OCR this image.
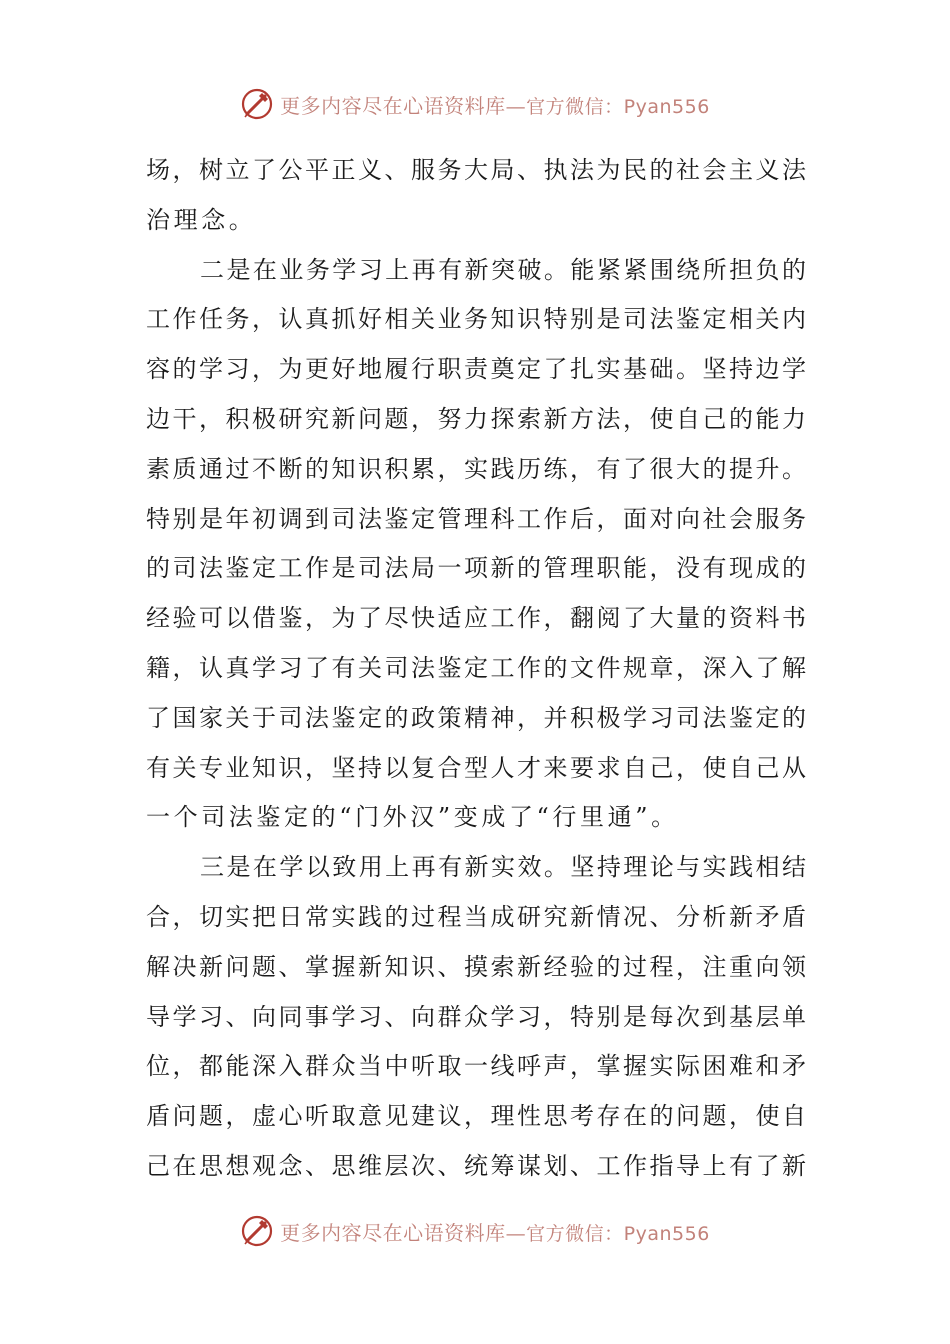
更多内容尽在心语资料库—官方微信：Pyan556
场，树立了公平正义、服务大局、执法为民的社会主义法
治理念。
二是在业务学习上再有新突破。能紧紧围绕所担负的
工作任务，认真抓好相关业务知识特别是司法鉴定相关内
容的学习，为更好地履行职责奠定了扎实基础。坚持边学
边干，积极研究新问题，努力探索新方法，使自己的能力
素质通过不断的知识积累，实践历练，有了很大的提升。
特别是年初调到司法鉴定管理科工作后，面对向社会服务
的司法鉴定工作是司法局一项新的管理职能，没有现成的
经验可以借鉴，为了尽快适应工作，翻阅了大量的资料书
籍，认真学习了有关司法鉴定工作的文件规章，深入了解
了国家关于司法鉴定的政策精神，并积极学习司法鉴定的
有关专业知识，坚持以复合型人才来要求自己，使自己从
一个司法鉴定的“门外汉”变成了“行里通”。
三是在学以致用上再有新实效。坚持理论与实践相结
合，切实把日常实践的过程当成研究新情况、分析新矛盾
解决新问题、掌握新知识、摸索新经验的过程，注重向领
导学习、向同事学习、向群众学习，特别是每次到基层单
位，都能深入群众当中听取一线呼声，掌握实际困难和矛
盾问题，虚心听取意见建议，理性思考存在的问题，使自
己在思想观念、思维层次、统筹谋划、工作指导上有了新
更多内容尽在心语资料库—官方微信：Pyan556
